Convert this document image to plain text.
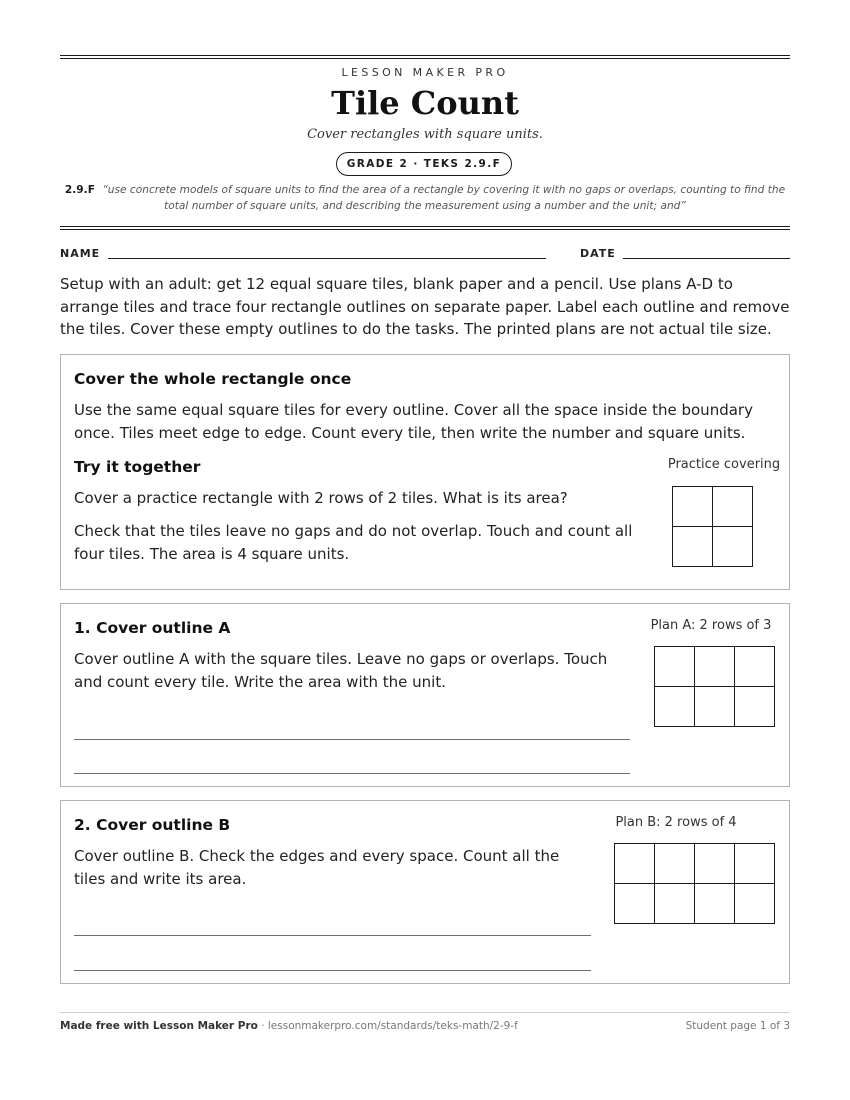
LESSON MAKER PRO
Tile Count
Cover rectangles with square units.
GRADE 2 · TEKS 2.9.F
2.9.F “use concrete models of square units to find the area of a rectangle by covering it with no gaps or overlaps, counting to find the total number of square units, and describing the measurement using a number and the unit; and”
NAME	DATE
Setup with an adult: get 12 equal square tiles, blank paper and a pencil. Use plans A-D to arrange tiles and trace four rectangle outlines on separate paper. Label each outline and remove the tiles. Cover these empty outlines to do the tasks. The printed plans are not actual tile size.
Cover the whole rectangle once
Use the same equal square tiles for every outline. Cover all the space inside the boundary once. Tiles meet edge to edge. Count every tile, then write the number and square units.
Try it together
Cover a practice rectangle with 2 rows of 2 tiles. What is its area?
Check that the tiles leave no gaps and do not overlap. Touch and count all four tiles. The area is 4 square units.
Practice covering
1. Cover outline A
Cover outline A with the square tiles. Leave no gaps or overlaps. Touch and count every tile. Write the area with the unit.
Plan A: 2 rows of 3
2. Cover outline B
Cover outline B. Check the edges and every space. Count all the tiles and write its area.
Plan B: 2 rows of 4
Made free with Lesson Maker Pro · lessonmakerpro.com/standards/teks-math/2-9-f	Student page 1 of 3
